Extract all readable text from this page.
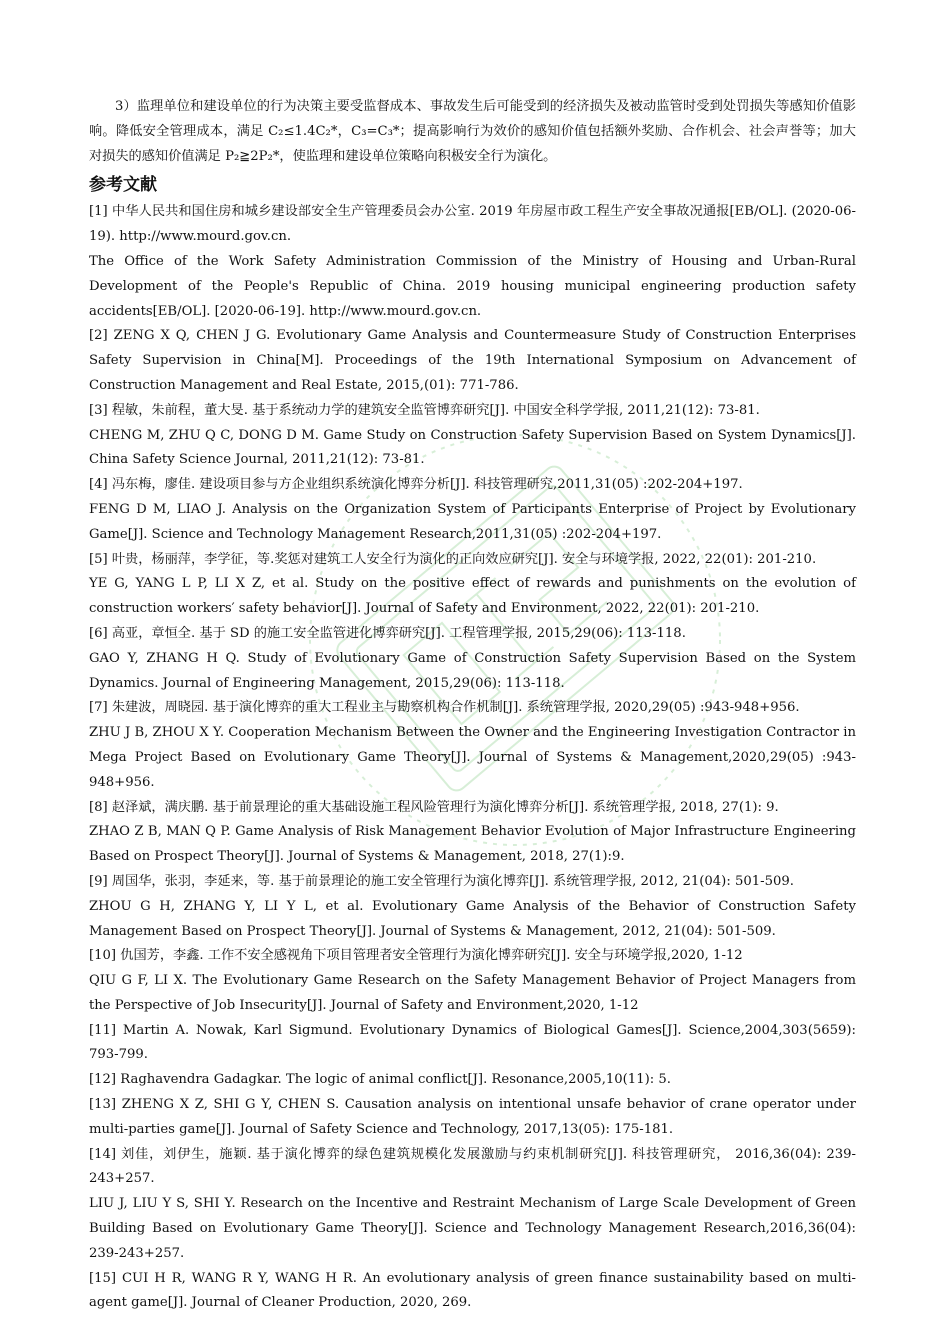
3）监理单位和建设单位的行为决策主要受监督成本、事故发生后可能受到的经济损失及被动监管时受到处罚损失等感知价值影响。降低安全管理成本，满足 C₂≤1.4C₂*，C₃=C₃*；提高影响行为效价的感知价值包括额外奖励、合作机会、社会声誉等；加大对损失的感知价值满足 P₂≧2P₂*，使监理和建设单位策略向积极安全行为演化。

参考文献

[1] 中华人民共和国住房和城乡建设部安全生产管理委员会办公室. 2019 年房屋市政工程生产安全事故况通报[EB/OL]. (2020-06-19). http://www.mourd.gov.cn.

The Office of the Work Safety Administration Commission of the Ministry of Housing and Urban-Rural Development of the People's Republic of China. 2019 housing municipal engineering production safety accidents[EB/OL]. [2020-06-19]. http://www.mourd.gov.cn.

[2] ZENG X Q, CHEN J G. Evolutionary Game Analysis and Countermeasure Study of Construction Enterprises Safety Supervision in China[M]. Proceedings of the 19th International Symposium on Advancement of Construction Management and Real Estate, 2015,(01): 771-786.

[3] 程敏，朱前程，董大旻. 基于系统动力学的建筑安全监管博弈研究[J]. 中国安全科学学报, 2011,21(12): 73-81.

CHENG M, ZHU Q C, DONG D M. Game Study on Construction Safety Supervision Based on System Dynamics[J]. China Safety Science Journal, 2011,21(12): 73-81.

[4] 冯东梅，廖佳. 建设项目参与方企业组织系统演化博弈分析[J]. 科技管理研究,2011,31(05) :202-204+197.

FENG D M, LIAO J. Analysis on the Organization System of Participants Enterprise of Project by Evolutionary Game[J]. Science and Technology Management Research,2011,31(05) :202-204+197.

[5] 叶贵，杨丽萍，李学征，等.奖惩对建筑工人安全行为演化的正向效应研究[J]. 安全与环境学报, 2022, 22(01): 201-210.

YE G, YANG L P, LI X Z, et al. Study on the positive effect of rewards and punishments on the evolution of construction workers′ safety behavior[J]. Journal of Safety and Environment, 2022, 22(01): 201-210.

[6] 高亚，章恒全. 基于 SD 的施工安全监管进化博弈研究[J]. 工程管理学报, 2015,29(06): 113-118.

GAO Y, ZHANG H Q. Study of Evolutionary Game of Construction Safety Supervision Based on the System Dynamics. Journal of Engineering Management, 2015,29(06): 113-118.

[7] 朱建波，周晓园. 基于演化博弈的重大工程业主与勘察机构合作机制[J]. 系统管理学报, 2020,29(05) :943-948+956.

ZHU J B, ZHOU X Y. Cooperation Mechanism Between the Owner and the Engineering Investigation Contractor in Mega Project Based on Evolutionary Game Theory[J]. Journal of Systems & Management,2020,29(05) :943-948+956.

[8] 赵泽斌，满庆鹏. 基于前景理论的重大基础设施工程风险管理行为演化博弈分析[J]. 系统管理学报, 2018, 27(1): 9.

ZHAO Z B, MAN Q P. Game Analysis of Risk Management Behavior Evolution of Major Infrastructure Engineering Based on Prospect Theory[J]. Journal of Systems & Management, 2018, 27(1):9.

[9] 周国华，张羽，李延来，等. 基于前景理论的施工安全管理行为演化博弈[J]. 系统管理学报, 2012, 21(04): 501-509.

ZHOU G H, ZHANG Y, LI Y L, et al. Evolutionary Game Analysis of the Behavior of Construction Safety Management Based on Prospect Theory[J]. Journal of Systems & Management, 2012, 21(04): 501-509.

[10] 仇国芳，李鑫. 工作不安全感视角下项目管理者安全管理行为演化博弈研究[J]. 安全与环境学报,2020, 1-12

QIU G F, LI X. The Evolutionary Game Research on the Safety Management Behavior of Project Managers from the Perspective of Job Insecurity[J]. Journal of Safety and Environment,2020, 1-12

[11] Martin A. Nowak, Karl Sigmund. Evolutionary Dynamics of Biological Games[J]. Science,2004,303(5659): 793-799.

[12] Raghavendra Gadagkar. The logic of animal conflict[J]. Resonance,2005,10(11): 5.

[13] ZHENG X Z, SHI G Y, CHEN S. Causation analysis on intentional unsafe behavior of crane operator under multi-parties game[J]. Journal of Safety Science and Technology, 2017,13(05): 175-181.

[14] 刘佳，刘伊生，施颖. 基于演化博弈的绿色建筑规模化发展激励与约束机制研究[J]. 科技管理研究， 2016,36(04): 239-243+257.

LIU J, LIU Y S, SHI Y. Research on the Incentive and Restraint Mechanism of Large Scale Development of Green Building Based on Evolutionary Game Theory[J]. Science and Technology Management Research,2016,36(04): 239-243+257.

[15] CUI H R, WANG R Y, WANG H R. An evolutionary analysis of green finance sustainability based on multi-agent game[J]. Journal of Cleaner Production, 2020, 269.
